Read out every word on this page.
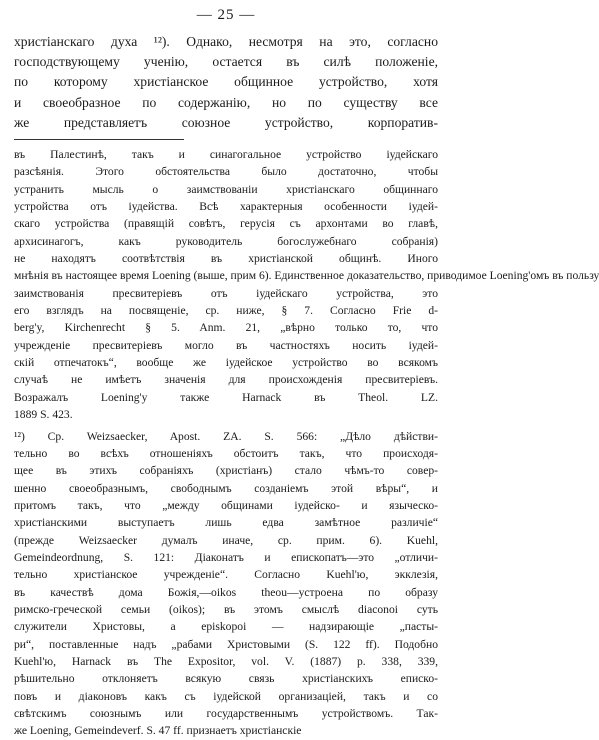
— 25 —
христiанскаго духа ¹²). Однако, несмотря на это, согласно
господствующему ученiю, остается въ силѣ положенiе,
по которому христiанское общинное устройство, хотя
и своеобразное по содержанiю, но по существу все
же представляетъ союзное устройство, корпоратив-
въ Палестинѣ, такъ и синагогальное устройство iудейскаго
разсѣянiя. Этого обстоятельства было достаточно, чтобы
устранить мысль о заимствованiи христiанскаго общиннаго
устройства отъ iудейства. Всѣ характерныя особенности iудей-
скаго устройства (правящiй совѣтъ, герусiя съ архонтами во главѣ,
архисинагогъ, какъ руководитель богослужебнаго собранiя)
не находятъ соотвѣтствiя въ христiанской общинѣ. Иного
мнѣнiя въ настоящее время Loening (выше, прим 6). Единственное доказательство, приводимое Loening'омъ въ пользу
заимствованiя пресвитерiевъ отъ iудейскаго устройства, это
его взглядъ на посвященiе, ср. ниже, § 7. Согласно Frie d-
berg'y, Kirchenrecht § 5. Anm. 21, „вѣрно только то, что
учрежденiе пресвитерiевъ могло въ частностяхъ носить iудей-
скiй отпечатокъ“, вообще же iудейское устройство во всякомъ
случаѣ не имѣетъ значенiя для происхожденiя пресвитерiевъ.
Возражалъ Loening'y также Harnack въ Theol. LZ.
1889 S. 423.
¹²) Cp. Weizsaecker, Apost. ZA. S. 566: „Дѣло дѣйстви-
тельно во всѣхъ отношенiяхъ обстоитъ такъ, что происходя-
щее въ этихъ собранiяхъ (христiанъ) стало чѣмъ-то совер-
шенно своеобразнымъ, свободнымъ созданiемъ этой вѣры“, и
притомъ такъ, что „между общинами iудейско- и языческо-
христiанскими выступаетъ лишь едва замѣтное различiе“
(прежде Weizsaecker думалъ иначе, ср. прим. 6). Kuehl,
Gemeindeordnung, S. 121: Дiаконатъ и епископатъ—это „отличи-
тельно христiанское учрежденiе“. Согласно Kuehl'ю, экклезiя,
въ качествѣ дома Божiя,—oikos theou—устроена по образу
римско-греческой семьи (oikos); въ этомъ смыслѣ diaconoi суть
служители Христовы, а episkopoi — надзирающiе „пасты-
ри“, поставленные надъ „рабами Христовыми (S. 122 ff). Подобно
Kuehl'ю, Harnack въ The Expositor, vol. V. (1887) p. 338, 339,
рѣшительно отклоняетъ всякую связь христiанскихъ еписко-
повъ и дiаконовъ какъ съ iудейской организацiей, такъ и со
свѣтскимъ союзнымъ или государственнымъ устройствомъ. Так-
же Loening, Gemeindeverf. S. 47 ff. признаетъ христiанскiе
